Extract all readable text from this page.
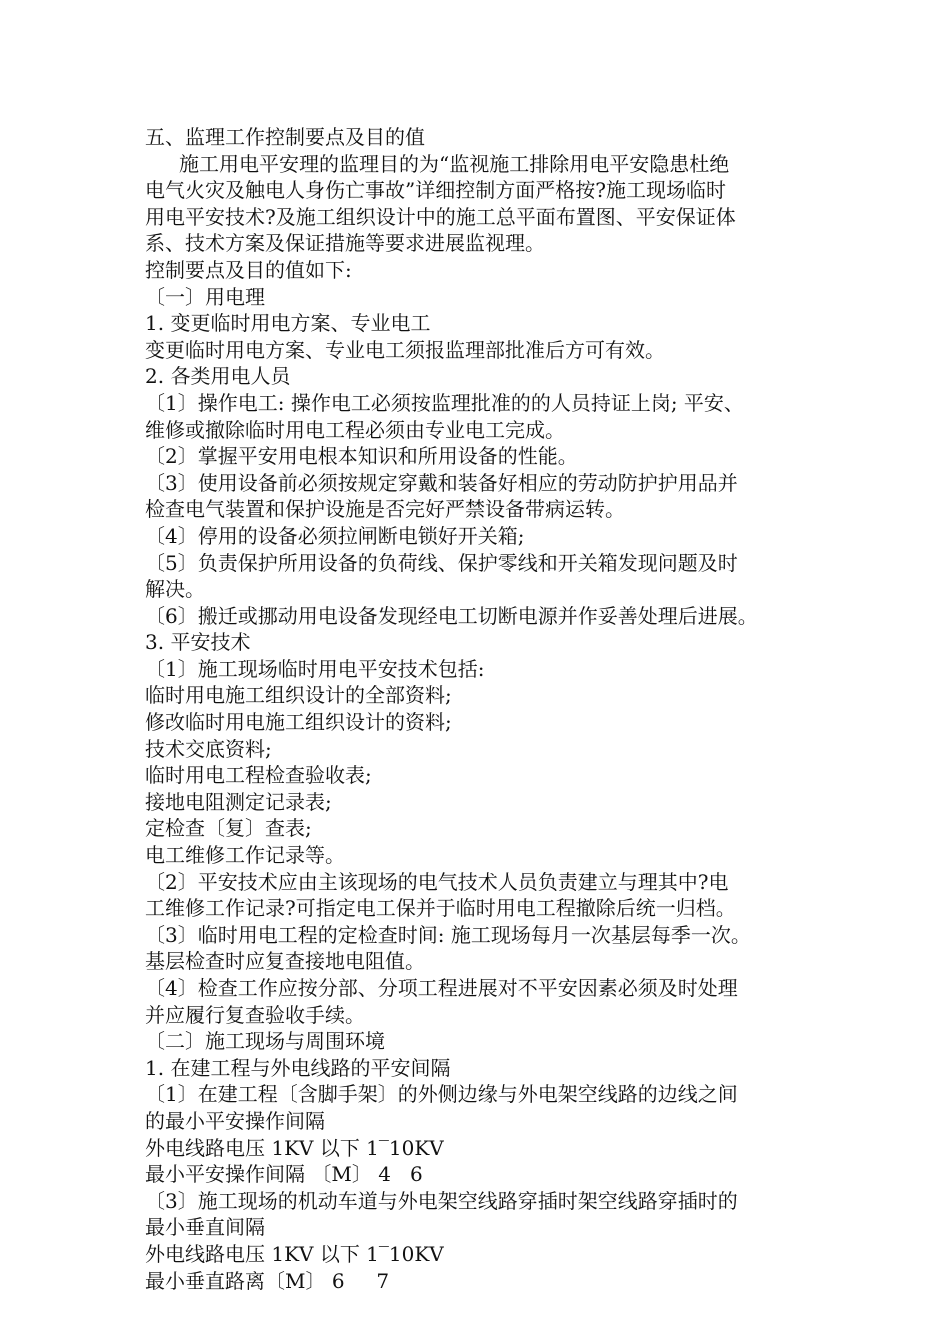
五、监理工作控制要点及目的值
施工用电平安理的监理目的为“监视施工排除用电平安隐患杜绝
电气火灾及触电人身伤亡事故”详细控制方面严格按?施工现场临时
用电平安技术?及施工组织设计中的施工总平面布置图、平安保证体
系、技术方案及保证措施等要求进展监视理。
控制要点及目的值如下:
〔一〕用电理
1. 变更临时用电方案、专业电工
变更临时用电方案、专业电工须报监理部批准后方可有效。
2. 各类用电人员
〔1〕操作电工: 操作电工必须按监理批准的的人员持证上岗; 平安、
维修或撤除临时用电工程必须由专业电工完成。
〔2〕掌握平安用电根本知识和所用设备的性能。
〔3〕使用设备前必须按规定穿戴和装备好相应的劳动防护护用品并
检查电气装置和保护设施是否完好严禁设备带病运转。
〔4〕停用的设备必须拉闸断电锁好开关箱;
〔5〕负责保护所用设备的负荷线、保护零线和开关箱发现问题及时
解决。
〔6〕搬迁或挪动用电设备发现经电工切断电源并作妥善处理后进展。
3. 平安技术
〔1〕施工现场临时用电平安技术包括:
临时用电施工组织设计的全部资料;
修改临时用电施工组织设计的资料;
技术交底资料;
临时用电工程检查验收表;
接地电阻测定记录表;
定检查〔复〕查表;
电工维修工作记录等。
〔2〕平安技术应由主该现场的电气技术人员负责建立与理其中?电
工维修工作记录?可指定电工保并于临时用电工程撤除后统一归档。
〔3〕临时用电工程的定检查时间: 施工现场每月一次基层每季一次。
基层检查时应复查接地电阻值。
〔4〕检查工作应按分部、分项工程进展对不平安因素必须及时处理
并应履行复查验收手续。
〔二〕施工现场与周围环境
1. 在建工程与外电线路的平安间隔
〔1〕在建工程〔含脚手架〕的外侧边缘与外电架空线路的边线之间
的最小平安操作间隔
外电线路电压 1KV 以下 1‾10KV
最小平安操作间隔 〔M〕 4   6
〔3〕施工现场的机动车道与外电架空线路穿插时架空线路穿插时的
最小垂直间隔
外电线路电压 1KV 以下 1‾10KV
最小垂直路离〔M〕 6     7
